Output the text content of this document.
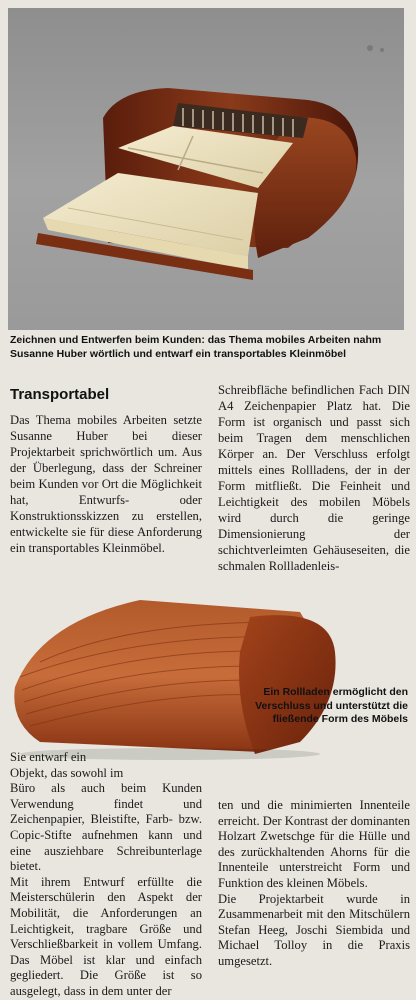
Zeichnen und Entwerfen beim Kunden: das Thema mobiles Arbeiten nahm Susanne Huber wörtlich und entwarf ein transportables Kleinmöbel
Transportabel

Das Thema mobiles Arbeiten setzte Susanne Huber bei dieser Projektarbeit sprichwörtlich um. Aus der Überlegung, dass der Schreiner beim Kunden vor Ort die Möglichkeit hat, Entwurfs- oder Konstruktionsskizzen zu erstellen, entwickelte sie für diese Anforderung ein transportables Kleinmöbel.

Schreibfläche befindlichen Fach DIN A4 Zeichenpapier Platz hat. Die Form ist organisch und passt sich beim Tragen dem menschlichen Körper an. Der Verschluss erfolgt mittels eines Rollladens, der in der Form mitfließt. Die Feinheit und Leichtigkeit des mobilen Möbels wird durch die geringe Dimensionierung der schichtverleimten Gehäuseseiten, die schmalen Rollladenleis-

Ein Rollladen ermöglicht den Verschluss und unterstützt die fließende Form des Möbels

Sie entwarf ein

Objekt, das sowohl im

Büro als auch beim Kunden Verwendung findet und Zeichenpapier, Bleistifte, Farb- bzw. Copic-Stifte aufnehmen kann und eine ausziehbare Schreibunterlage bietet.

Mit ihrem Entwurf erfüllte die Meisterschülerin den Aspekt der Mobilität, die Anforderungen an Leichtigkeit, tragbare Größe und Verschließbarkeit in vollem Umfang. Das Möbel ist klar und einfach gegliedert. Die Größe ist so ausgelegt, dass in dem unter der

ten und die minimierten Innenteile erreicht. Der Kontrast der dominanten Holzart Zwetschge für die Hülle und des zurückhaltenden Ahorns für die Innenteile unterstreicht Form und Funktion des kleinen Möbels.

Die Projektarbeit wurde in Zusammenarbeit mit den Mitschülern Stefan Heeg, Joschi Siembida und Michael Tolloy in die Praxis umgesetzt.
